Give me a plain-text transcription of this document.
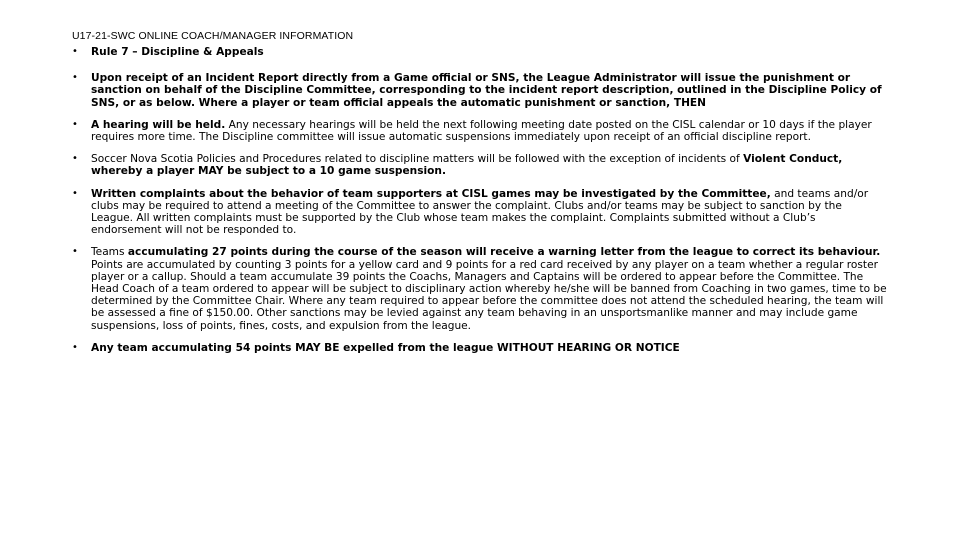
U17-21-SWC ONLINE COACH/MANAGER INFORMATION
• Rule 7 – Discipline & Appeals
• Upon receipt of an Incident Report directly from a Game official or SNS, the League Administrator will issue the punishment or sanction on behalf of the Discipline Committee, corresponding to the incident report description, outlined in the Discipline Policy of SNS, or as below. Where a player or team official appeals the automatic punishment or sanction, THEN
• A hearing will be held. Any necessary hearings will be held the next following meeting date posted on the CISL calendar or 10 days if the player requires more time. The Discipline committee will issue automatic suspensions immediately upon receipt of an official discipline report.
• Soccer Nova Scotia Policies and Procedures related to discipline matters will be followed with the exception of incidents of Violent Conduct, whereby a player MAY be subject to a 10 game suspension.
• Written complaints about the behavior of team supporters at CISL games may be investigated by the Committee, and teams and/or clubs may be required to attend a meeting of the Committee to answer the complaint. Clubs and/or teams may be subject to sanction by the League. All written complaints must be supported by the Club whose team makes the complaint. Complaints submitted without a Club’s endorsement will not be responded to.
• Teams accumulating 27 points during the course of the season will receive a warning letter from the league to correct its behaviour. Points are accumulated by counting 3 points for a yellow card and 9 points for a red card received by any player on a team whether a regular roster player or a callup. Should a team accumulate 39 points the Coachs, Managers and Captains will be ordered to appear before the Committee. The Head Coach of a team ordered to appear will be subject to disciplinary action whereby he/she will be banned from Coaching in two games, time to be determined by the Committee Chair. Where any team required to appear before the committee does not attend the scheduled hearing, the team will be assessed a fine of $150.00. Other sanctions may be levied against any team behaving in an unsportsmanlike manner and may include game suspensions, loss of points, fines, costs, and expulsion from the league.
• Any team accumulating 54 points MAY BE expelled from the league WITHOUT HEARING OR NOTICE
